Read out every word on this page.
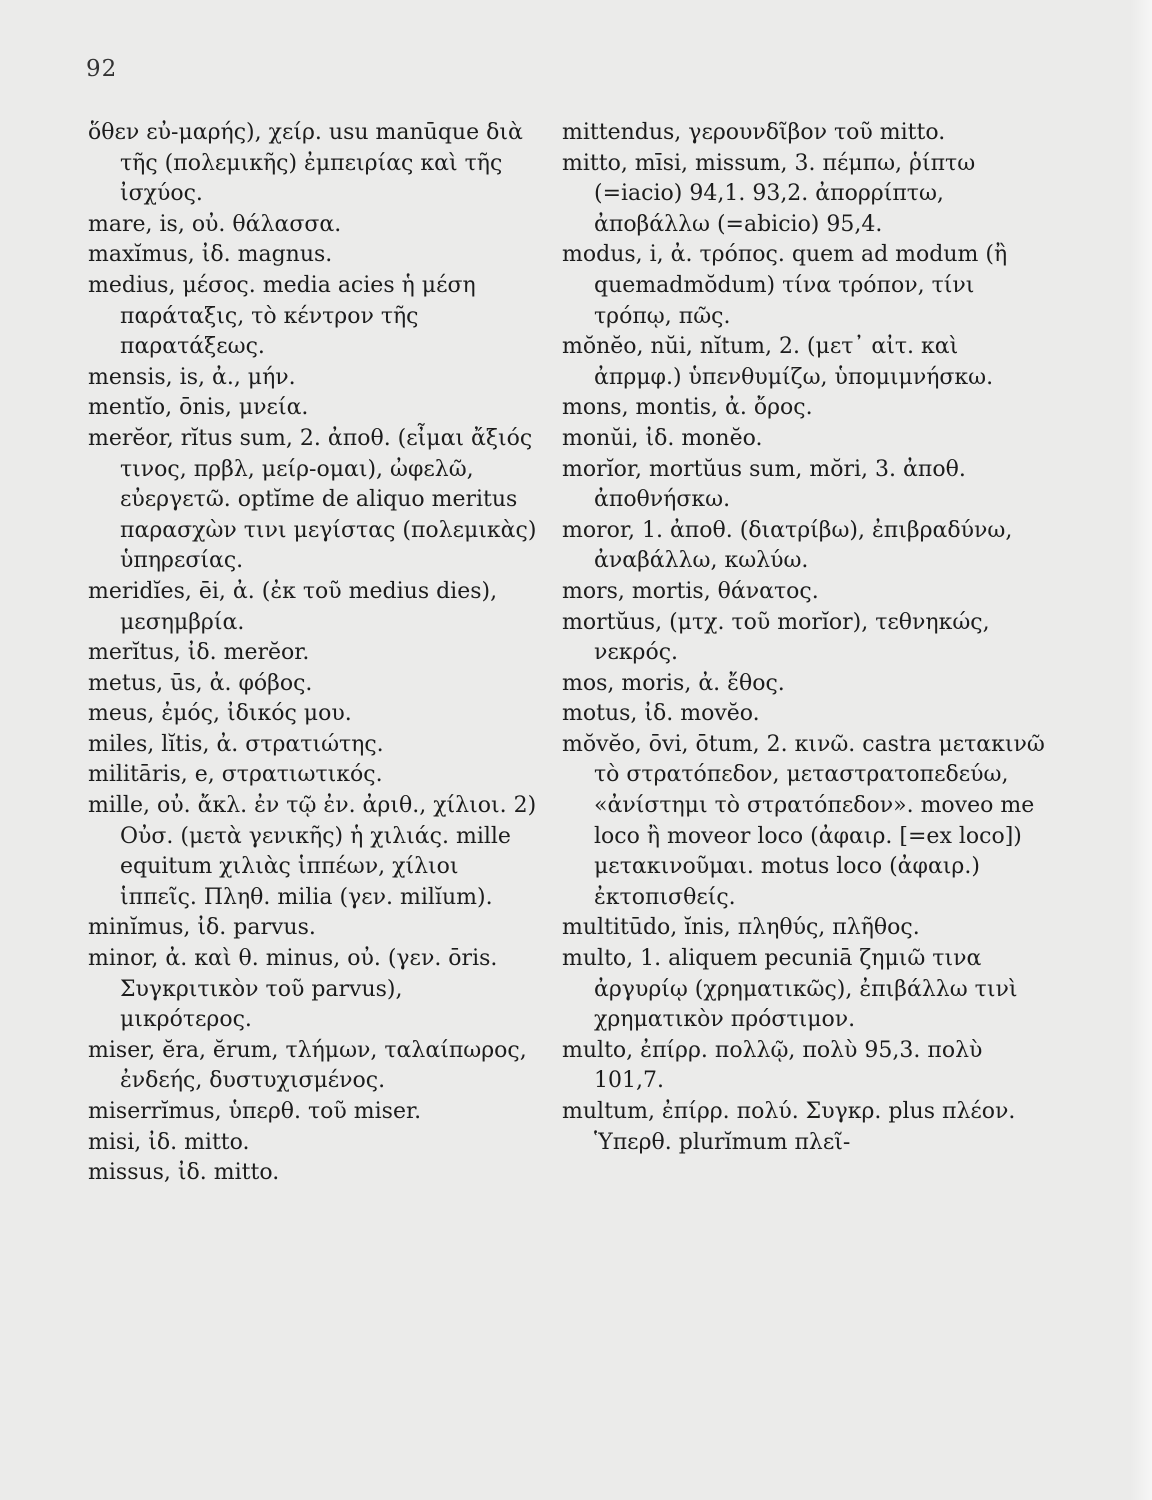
92
ὅθεν εὐ-μαρής), χείρ. usu manūque διὰ τῆς (πολεμικῆς) ἐμπειρίας καὶ τῆς ἰσχύος.
mare, is, οὐ. θάλασσα.
maxĭmus, ἰδ. magnus.
medius, μέσος. media acies ἡ μέση παράταξις, τὸ κέντρον τῆς παρατάξεως.
mensis, is, ἀ., μήν.
mentĭo, ōnis, μνεία.
merĕor, rĭtus sum, 2. ἀποθ. (εἶμαι ἄξιός τινος, πρβλ, μείρ-ομαι), ὠφελῶ, εὐεργετῶ. optĭme de aliquo meritus παρασχὼν τινι μεγίστας (πολεμικὰς) ὑπηρεσίας.
meridĭes, ēi, ἀ. (ἐκ τοῦ medius dies), μεσημβρία.
merĭtus, ἰδ. merĕor.
metus, ūs, ἀ. φόβος.
meus, ἐμός, ἰδικός μου.
miles, lĭtis, ἀ. στρατιώτης.
militāris, e, στρατιωτικός.
mille, οὐ. ἄκλ. ἐν τῷ ἐν. ἀριθ., χίλιοι. 2) Οὐσ. (μετὰ γενικῆς) ἡ χιλιάς. mille equitum χιλιὰς ἱππέων, χίλιοι ἱππεῖς. Πληθ. milia (γεν. milĭum).
minĭmus, ἰδ. parvus.
minor, ἀ. καὶ θ. minus, οὐ. (γεν. ōris. Συγκριτικὸν τοῦ parvus), μικρότερος.
miser, ĕra, ĕrum, τλήμων, ταλαίπωρος, ἐνδεής, δυστυχισμένος.
miserrĭmus, ὑπερθ. τοῦ miser.
misi, ἰδ. mitto.
missus, ἰδ. mitto.
mittendus, γερουνδῖβον τοῦ mitto.
mitto, mīsi, missum, 3. πέμπω, ῥίπτω (=iacio) 94,1. 93,2. ἀπορρίπτω, ἀποβάλλω (=abicio) 95,4.
modus, i, ἀ. τρόπος. quem ad modum (ἢ quemadmŏdum) τίνα τρόπον, τίνι τρόπῳ, πῶς.
mŏnĕo, nŭi, nĭtum, 2. (μετ᾽ αἰτ. καὶ ἀπρμφ.) ὑπενθυμίζω, ὑπομιμνήσκω.
mons, montis, ἀ. ὄρος.
monŭi, ἰδ. monĕo.
morĭor, mortŭus sum, mŏri, 3. ἀποθ. ἀποθνήσκω.
moror, 1. ἀποθ. (διατρίβω), ἐπιβραδύνω, ἀναβάλλω, κωλύω.
mors, mortis, θάνατος.
mortŭus, (μτχ. τοῦ morĭor), τεθνηκώς, νεκρός.
mos, moris, ἀ. ἔθος.
motus, ἰδ. movĕo.
mŏvĕo, ōvi, ōtum, 2. κινῶ. castra μετακινῶ τὸ στρατόπεδον, μεταστρατοπεδεύω, «ἀνίστημι τὸ στρατόπεδον». moveo me loco ἢ moveor loco (ἀφαιρ. [=ex loco]) μετακινοῦμαι. motus loco (ἀφαιρ.) ἐκτοπισθείς.
multitūdo, ĭnis, πληθύς, πλῆθος.
multo, 1. aliquem pecuniā ζημιῶ τινα ἀργυρίῳ (χρηματικῶς), ἐπιβάλλω τινὶ χρηματικὸν πρόστιμον.
multo, ἐπίρρ. πολλῷ, πολὺ 95,3. πολὺ 101,7.
multum, ἐπίρρ. πολύ. Συγκρ. plus πλέον. Ὑπερθ. plurĭmum πλεῖ-
